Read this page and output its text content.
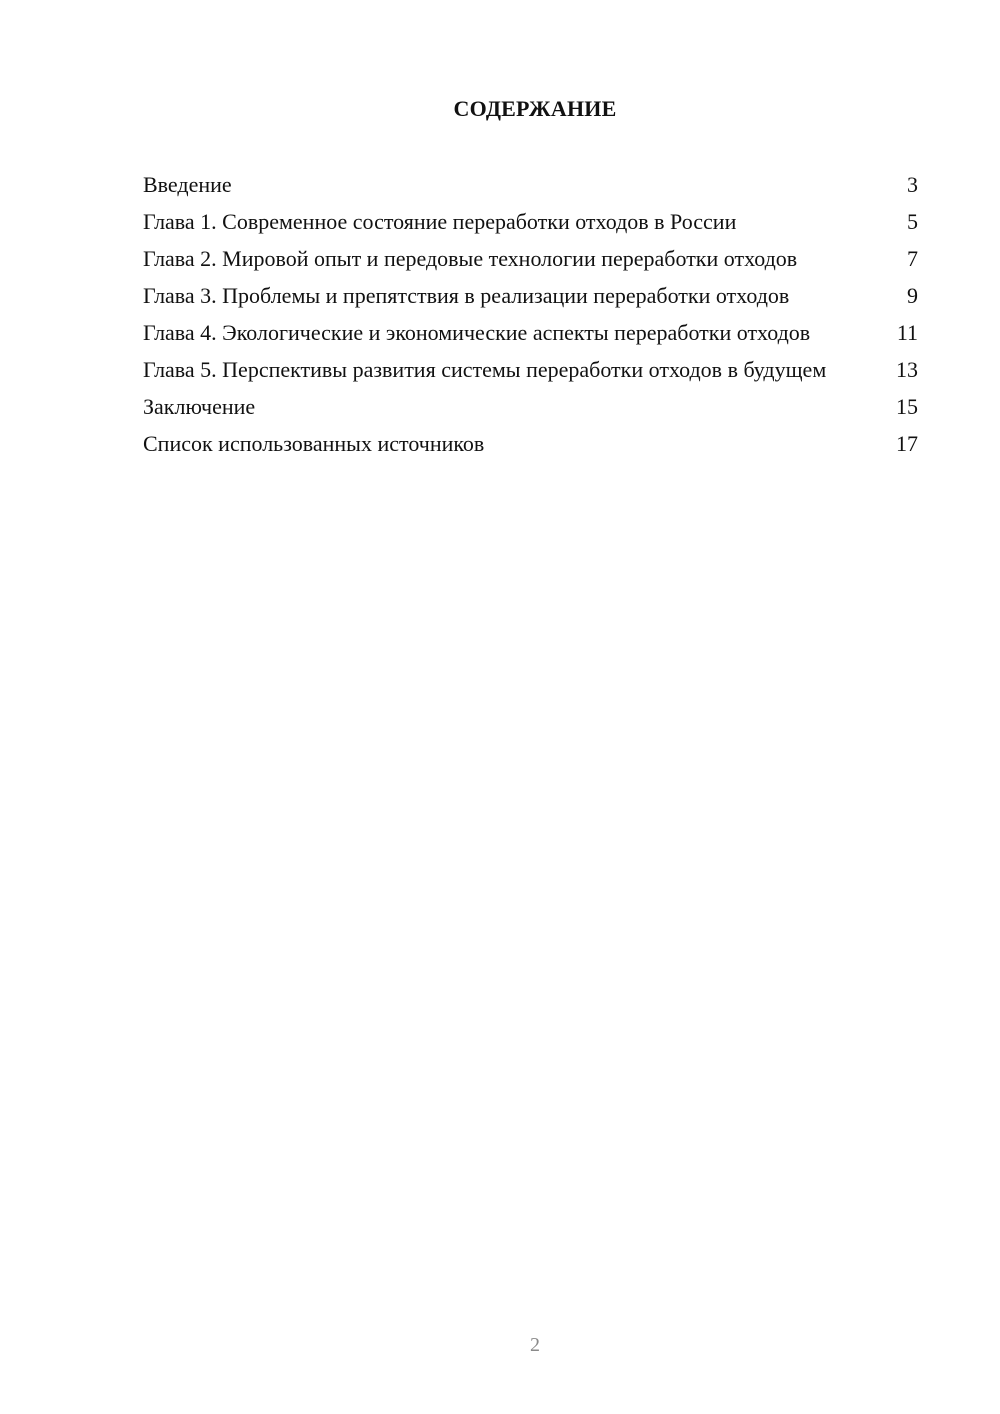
СОДЕРЖАНИЕ
Введение	3
Глава 1. Современное состояние переработки отходов в России	5
Глава 2. Мировой опыт и передовые технологии переработки отходов	7
Глава 3. Проблемы и препятствия в реализации переработки отходов	9
Глава 4. Экологические и экономические аспекты переработки отходов	11
Глава 5. Перспективы развития системы переработки отходов в будущем	13
Заключение	15
Список использованных источников	17
2
